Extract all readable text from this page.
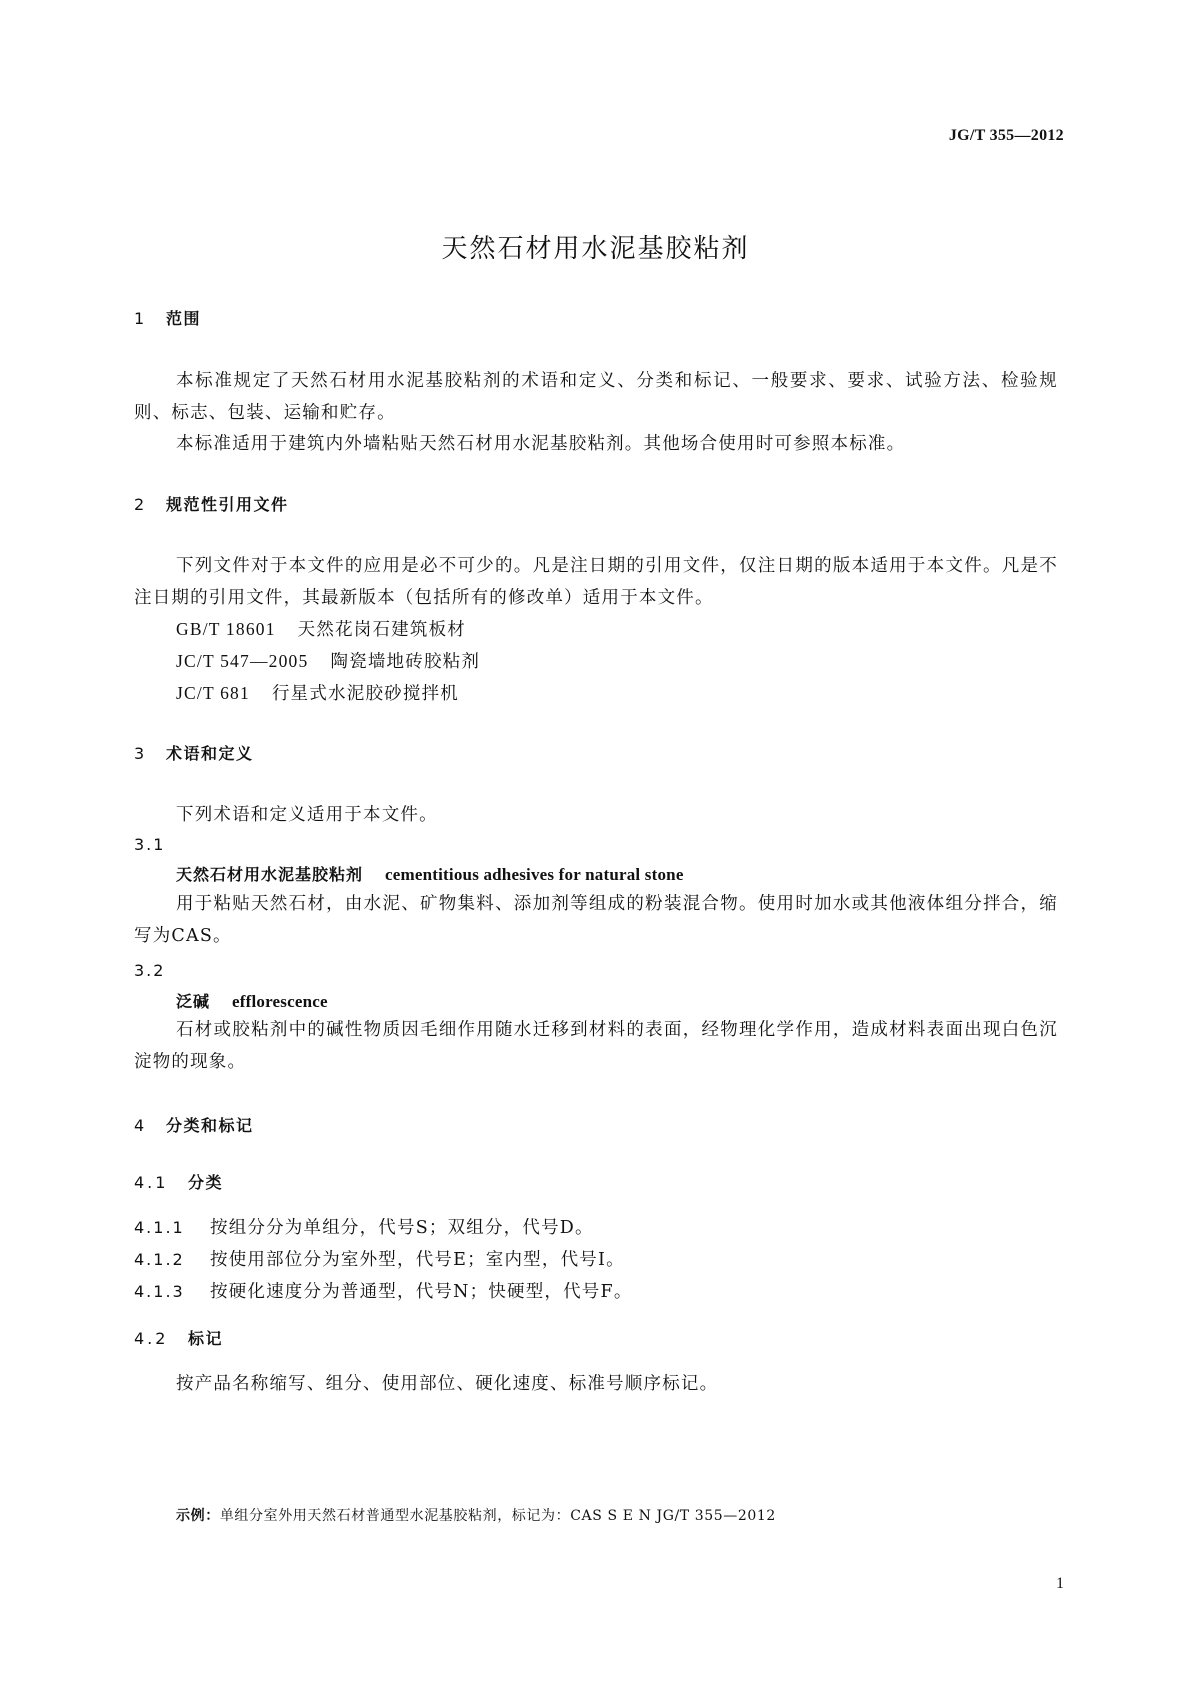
JG/T 355—2012
天然石材用水泥基胶粘剂
1 范围
本标准规定了天然石材用水泥基胶粘剂的术语和定义、分类和标记、一般要求、要求、试验方法、检验规则、标志、包装、运输和贮存。
本标准适用于建筑内外墙粘贴天然石材用水泥基胶粘剂。其他场合使用时可参照本标准。
2 规范性引用文件
下列文件对于本文件的应用是必不可少的。凡是注日期的引用文件，仅注日期的版本适用于本文件。凡是不注日期的引用文件，其最新版本（包括所有的修改单）适用于本文件。
GB/T 18601 天然花岗石建筑板材
JC/T 547—2005 陶瓷墙地砖胶粘剂
JC/T 681 行星式水泥胶砂搅拌机
3 术语和定义
下列术语和定义适用于本文件。
3.1
天然石材用水泥基胶粘剂 cementitious adhesives for natural stone
用于粘贴天然石材，由水泥、矿物集料、添加剂等组成的粉装混合物。使用时加水或其他液体组分拌合，缩写为CAS。
3.2
泛碱 efflorescence
石材或胶粘剂中的碱性物质因毛细作用随水迁移到材料的表面，经物理化学作用，造成材料表面出现白色沉淀物的现象。
4 分类和标记
4.1 分类
4.1.1 按组分分为单组分，代号S；双组分，代号D。
4.1.2 按使用部位分为室外型，代号E；室内型，代号I。
4.1.3 按硬化速度分为普通型，代号N；快硬型，代号F。
4.2 标记
按产品名称缩写、组分、使用部位、硬化速度、标准号顺序标记。
示例：单组分室外用天然石材普通型水泥基胶粘剂，标记为：CAS S E N JG/T 355—2012
1
